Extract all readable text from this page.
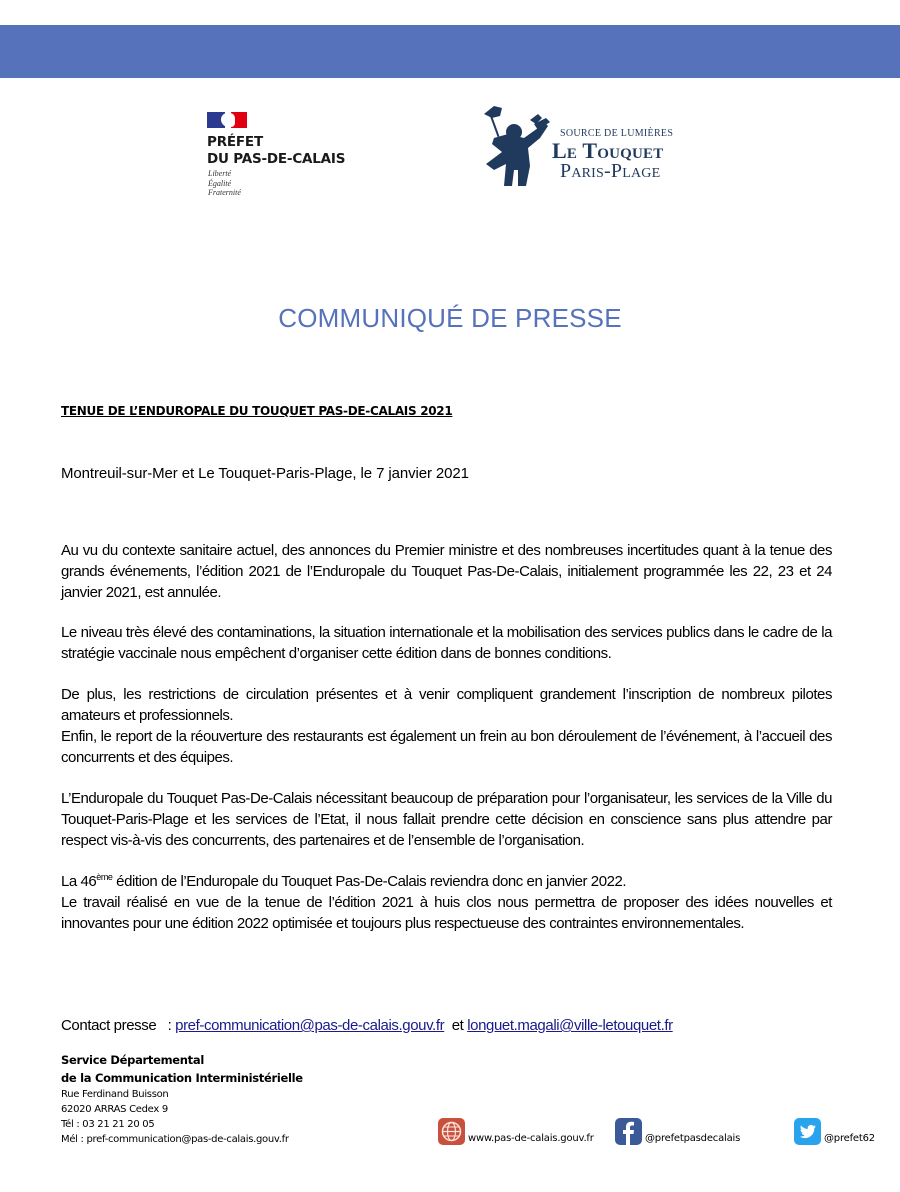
PRÉFET
DU PAS-DE-CALAIS
Liberté
Égalité
Fraternité
SOURCE DE LUMIÈRES
Le Touquet
Paris-Plage
COMMUNIQUÉ DE PRESSE
TENUE DE L’ENDUROPALE DU TOUQUET PAS-DE-CALAIS 2021
Montreuil-sur-Mer et Le Touquet-Paris-Plage, le 7 janvier 2021

Au vu du contexte sanitaire actuel, des annonces du Premier ministre et des nombreuses incertitudes quant à la tenue des grands événements, l’édition 2021 de l’Enduropale du Touquet Pas-De-Calais, initialement programmée les 22, 23 et 24 janvier 2021, est annulée.

Le niveau très élevé des contaminations, la situation internationale et la mobilisation des services publics dans le cadre de la stratégie vaccinale nous empêchent d’organiser cette édition dans de bonnes conditions.

De plus, les restrictions de circulation présentes et à venir compliquent grandement l’inscription de nombreux pilotes amateurs et professionnels.

Enfin, le report de la réouverture des restaurants est également un frein au bon déroulement de l’événement, à l’accueil des concurrents et des équipes.

L’Enduropale du Touquet Pas-De-Calais nécessitant beaucoup de préparation pour l’organisateur, les services de la Ville du Touquet-Paris-Plage et les services de l’Etat, il nous fallait prendre cette décision en conscience sans plus attendre par respect vis-à-vis des concurrents, des partenaires et de l’ensemble de l’organisation.

La 46ème édition de l’Enduropale du Touquet Pas-De-Calais reviendra donc en janvier 2022.

Le travail réalisé en vue de la tenue de l’édition 2021 à huis clos nous permettra de proposer des idées nouvelles et innovantes pour une édition 2022 optimisée et toujours plus respectueuse des contraintes environnementales.

Contact presse   : pref-communication@pas-de-calais.gouv.fr  et longuet.magali@ville-letouquet.fr
Service Départemental
de la Communication Interministérielle
Rue Ferdinand Buisson
62020 ARRAS Cedex 9
Tél : 03 21 21 20 05
Mél : pref-communication@pas-de-calais.gouv.fr	www.pas-de-calais.gouv.fr	@prefetpasdecalais	@prefet62
